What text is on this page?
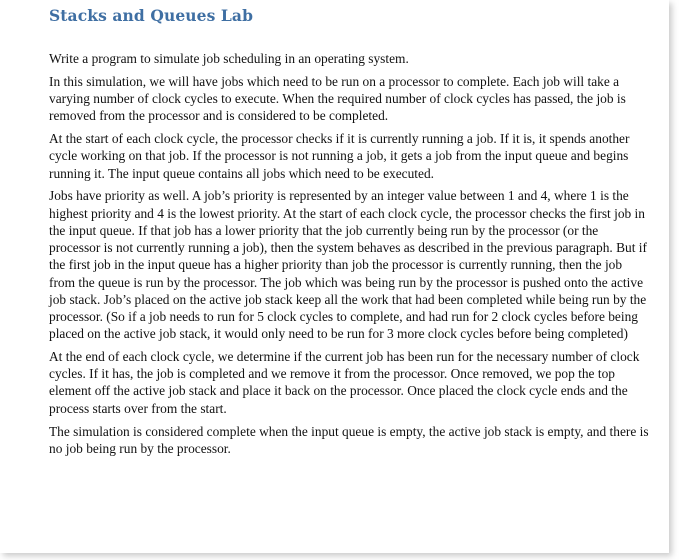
Stacks and Queues Lab

Write a program to simulate job scheduling in an operating system.

In this simulation, we will have jobs which need to be run on a processor to complete. Each job will take a varying number of clock cycles to execute. When the required number of clock cycles has passed, the job is removed from the processor and is considered to be completed.

At the start of each clock cycle, the processor checks if it is currently running a job. If it is, it spends another cycle working on that job. If the processor is not running a job, it gets a job from the input queue and begins running it. The input queue contains all jobs which need to be executed.

Jobs have priority as well. A job’s priority is represented by an integer value between 1 and 4, where 1 is the highest priority and 4 is the lowest priority. At the start of each clock cycle, the processor checks the first job in the input queue. If that job has a lower priority that the job currently being run by the processor (or the processor is not currently running a job), then the system behaves as described in the previous paragraph. But if the first job in the input queue has a higher priority than job the processor is currently running, then the job from the queue is run by the processor. The job which was being run by the processor is pushed onto the active job stack. Job’s placed on the active job stack keep all the work that had been completed while being run by the processor. (So if a job needs to run for 5 clock cycles to complete, and had run for 2 clock cycles before being placed on the active job stack, it would only need to be run for 3 more clock cycles before being completed)

At the end of each clock cycle, we determine if the current job has been run for the necessary number of clock cycles. If it has, the job is completed and we remove it from the processor. Once removed, we pop the top element off the active job stack and place it back on the processor. Once placed the clock cycle ends and the process starts over from the start.

The simulation is considered complete when the input queue is empty, the active job stack is empty, and there is no job being run by the processor.
